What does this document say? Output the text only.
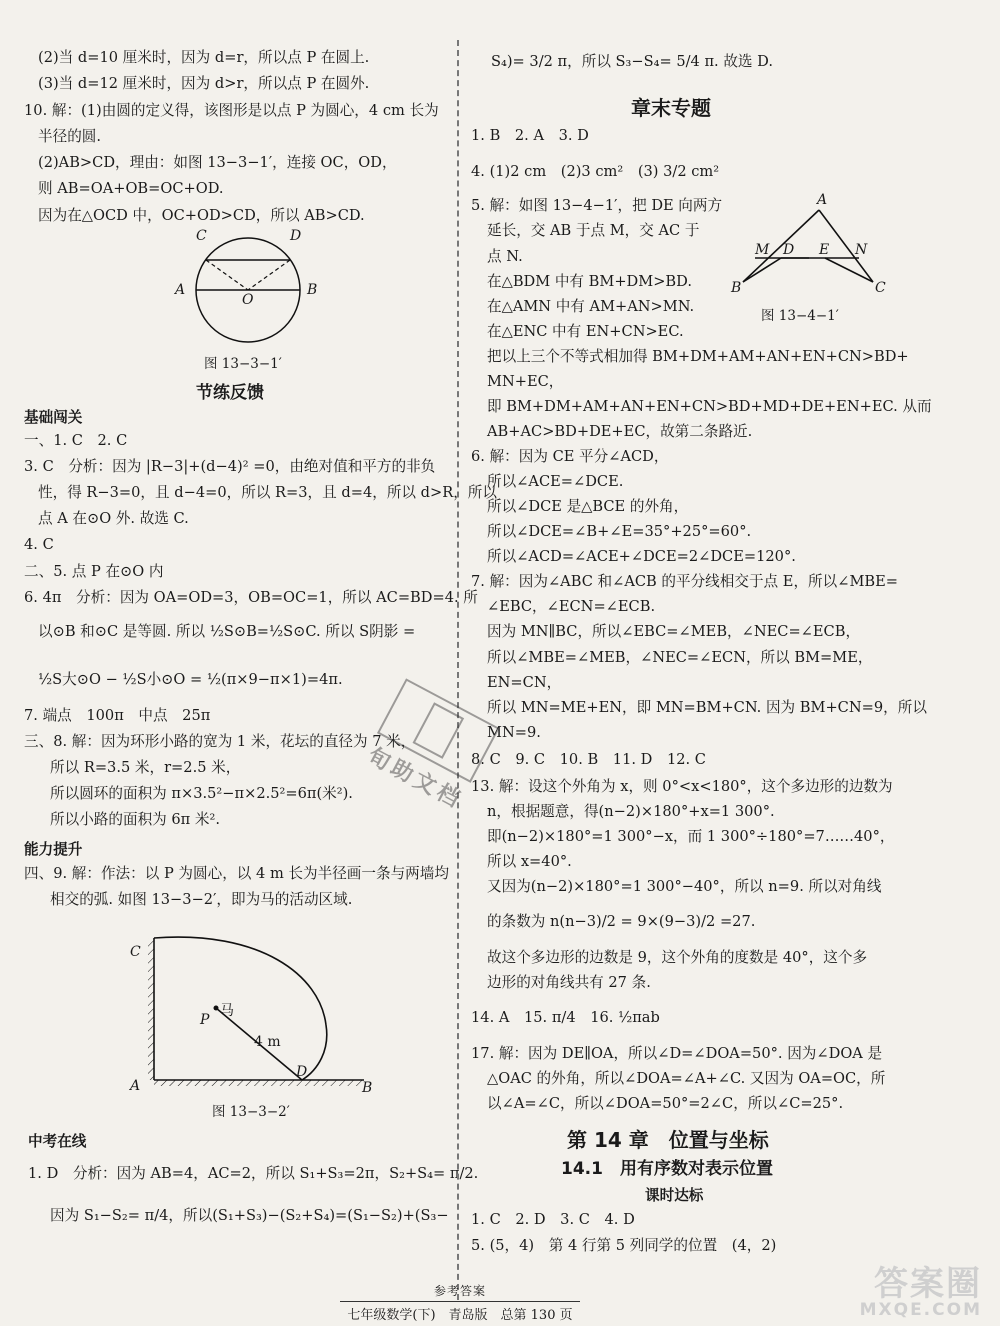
(2)当 d=10 厘米时，因为 d=r，所以点 P 在圆上.
(3)当 d=12 厘米时，因为 d>r，所以点 P 在圆外.
10. 解：(1)由圆的定义得，该图形是以点 P 为圆心，4 cm 长为
半径的圆.
(2)AB>CD，理由：如图 13−3−1′，连接 OC，OD，
则 AB=OA+OB=OC+OD.
因为在△OCD 中，OC+OD>CD，所以 AB>CD.
C	D
A
O
B
图 13−3−1′
节练反馈
基础闯关
一、1. C　2. C
3. C　分析：因为 |R−3|+(d−4)² =0，由绝对值和平方的非负
性，得 R−3=0，且 d−4=0，所以 R=3，且 d=4，所以 d>R，所以
点 A 在⊙O 外. 故选 C.
4. C
二、5. 点 P 在⊙O 内
6. 4π　分析：因为 OA=OD=3，OB=OC=1，所以 AC=BD=4. 所
以⊙B 和⊙C 是等圆. 所以 ½S⊙B=½S⊙C. 所以 S阴影 =
½S大⊙O − ½S小⊙O = ½(π×9−π×1)=4π.
7. 端点　100π　中点　25π
三、8. 解：因为环形小路的宽为 1 米，花坛的直径为 7 米，
所以 R=3.5 米，r=2.5 米，
所以圆环的面积为 π×3.5²−π×2.5²=6π(米²).
所以小路的面积为 6π 米².
能力提升
四、9. 解：作法：以 P 为圆心，以 4 m 长为半径画一条与两墙均
相交的弧. 如图 13−3−2′，即为马的活动区域.
C
P
马
4 m
A
D
B
图 13−3−2′
中考在线
1. D　分析：因为 AB=4，AC=2，所以 S₁+S₃=2π，S₂+S₄= π/2.
因为 S₁−S₂= π/4，所以(S₁+S₃)−(S₂+S₄)=(S₁−S₂)+(S₃−
S₄)= 3/2 π，所以 S₃−S₄= 5/4 π. 故选 D.
章末专题
1. B　2. A　3. D
4. (1)2 cm　(2)3 cm²　(3) 3/2 cm²
5. 解：如图 13−4−1′，把 DE 向两方
延长，交 AB 于点 M，交 AC 于
点 N.
在△BDM 中有 BM+DM>BD.
在△AMN 中有 AM+AN>MN.
在△ENC 中有 EN+CN>EC.
把以上三个不等式相加得 BM+DM+AM+AN+EN+CN>BD+
MN+EC，
即 BM+DM+AM+AN+EN+CN>BD+MD+DE+EN+EC. 从而
AB+AC>BD+DE+EC，故第二条路近.
6. 解：因为 CE 平分∠ACD，
所以∠ACE=∠DCE.
所以∠DCE 是△BCE 的外角，
所以∠DCE=∠B+∠E=35°+25°=60°.
所以∠ACD=∠ACE+∠DCE=2∠DCE=120°.
7. 解：因为∠ABC 和∠ACB 的平分线相交于点 E，所以∠MBE=
∠EBC，∠ECN=∠ECB.
因为 MN∥BC，所以∠EBC=∠MEB，∠NEC=∠ECB，
所以∠MBE=∠MEB，∠NEC=∠ECN，所以 BM=ME，
EN=CN，
所以 MN=ME+EN，即 MN=BM+CN. 因为 BM+CN=9，所以
MN=9.
8. C　9. C　10. B　11. D　12. C
13. 解：设这个外角为 x，则 0°<x<180°，这个多边形的边数为
n，根据题意，得(n−2)×180°+x=1 300°.
即(n−2)×180°=1 300°−x，而 1 300°÷180°=7……40°，
所以 x=40°.
又因为(n−2)×180°=1 300°−40°，所以 n=9. 所以对角线
的条数为 n(n−3)/2 = 9×(9−3)/2 =27.
故这个多边形的边数是 9，这个外角的度数是 40°，这个多
边形的对角线共有 27 条.
14. A　15. π/4　16. ½πab
17. 解：因为 DE∥OA，所以∠D=∠DOA=50°. 因为∠DOA 是
△OAC 的外角，所以∠DOA=∠A+∠C. 又因为 OA=OC，所
以∠A=∠C，所以∠DOA=50°=2∠C，所以∠C=25°.
A
M D E N
B	C
图 13−4−1′
第 14 章　位置与坐标
14.1　用有序数对表示位置
课时达标
1. C　2. D　3. C　4. D
5. (5，4)　第 4 行第 5 列同学的位置　(4，2)
旬助文档
参考答案
七年级数学(下)　青岛版　总第 130 页
答案圈
MXQE.COM
